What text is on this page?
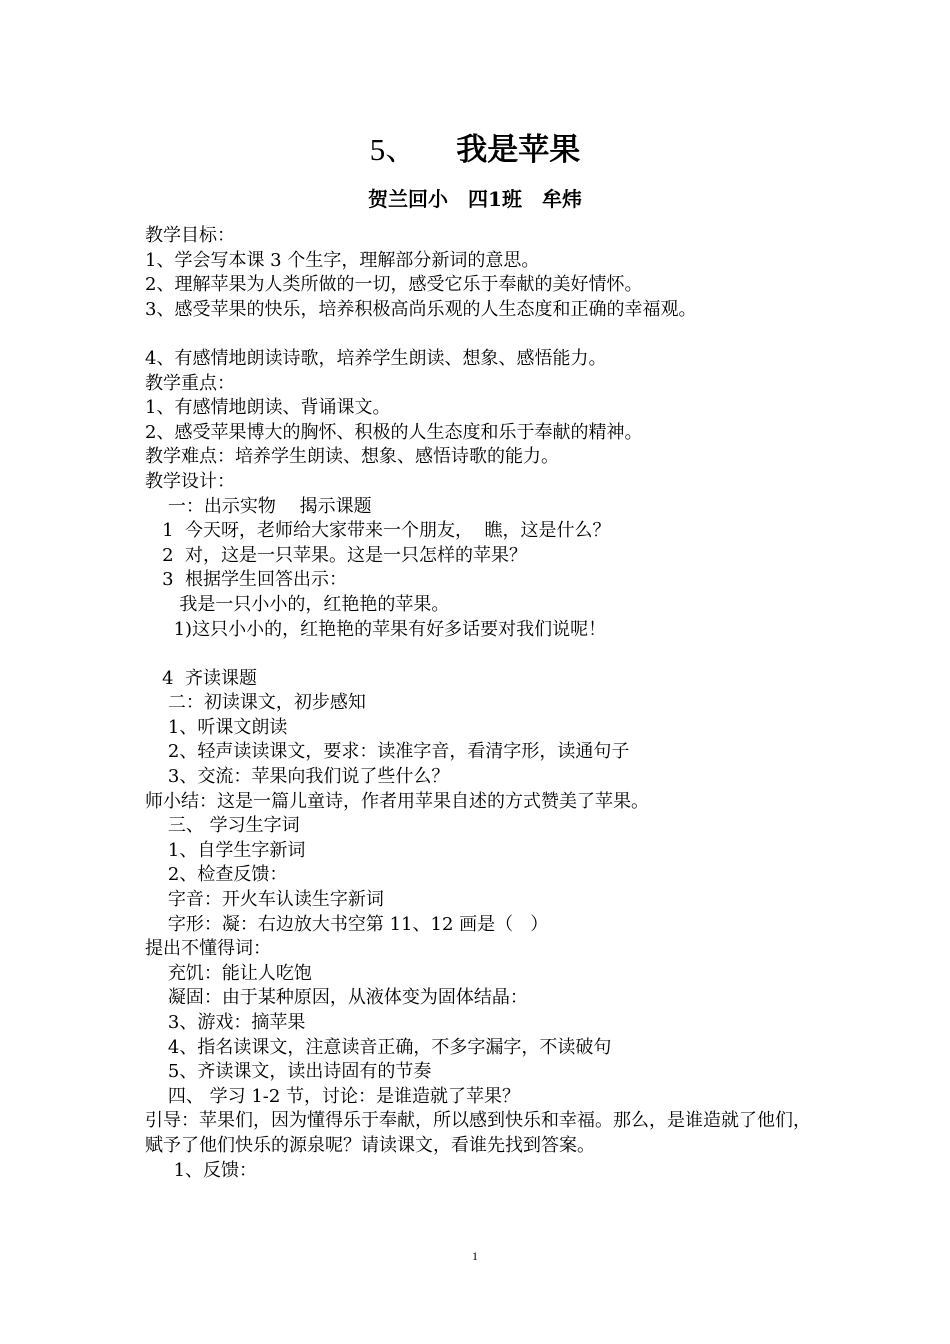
5、 我是苹果
贺兰回小　四1班　牟炜
教学目标：
1、学会写本课 3 个生字，理解部分新词的意思。
2、理解苹果为人类所做的一切，感受它乐于奉献的美好情怀。
3、感受苹果的快乐，培养积极高尚乐观的人生态度和正确的幸福观。
4、有感情地朗读诗歌，培养学生朗读、想象、感悟能力。
教学重点：
1、有感情地朗读、背诵课文。
2、感受苹果博大的胸怀、积极的人生态度和乐于奉献的精神。
教学难点：培养学生朗读、想象、感悟诗歌的能力。
教学设计：
一：出示实物　 揭示课题
1  今天呀，老师给大家带来一个朋友，  瞧，这是什么？
2  对，这是一只苹果。这是一只怎样的苹果？
3  根据学生回答出示：
我是一只小小的，红艳艳的苹果。
1)这只小小的，红艳艳的苹果有好多话要对我们说呢！
4  齐读课题
二：初读课文，初步感知
1、听课文朗读
2、轻声读读课文，要求：读准字音，看清字形，读通句子
3、交流：苹果向我们说了些什么？
师小结：这是一篇儿童诗，作者用苹果自述的方式赞美了苹果。
三、 学习生字词
1、自学生字新词
2、检查反馈：
字音：开火车认读生字新词
字形：凝：右边放大书空第 11、12 画是（   ）
提出不懂得词：
充饥：能让人吃饱
凝固：由于某种原因，从液体变为固体结晶：
3、游戏：摘苹果
4、指名读课文，注意读音正确，不多字漏字，不读破句
5、齐读课文，读出诗固有的节奏
四、 学习 1-2 节，讨论：是谁造就了苹果？
引导：苹果们，因为懂得乐于奉献，所以感到快乐和幸福。那么，是谁造就了他们，赋予了他们快乐的源泉呢？请读课文，看谁先找到答案。
1、反馈：
1
